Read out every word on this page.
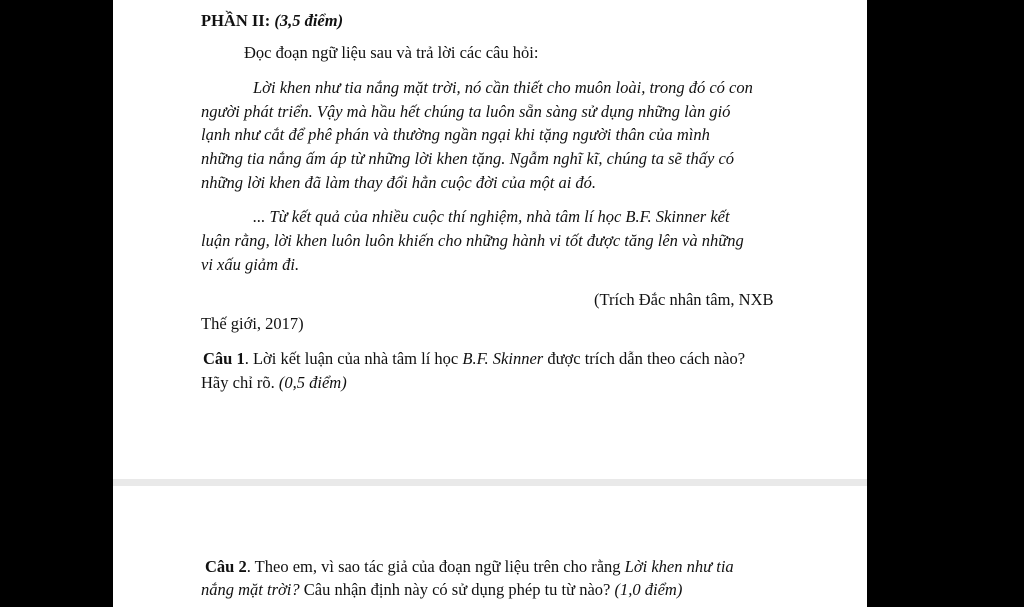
PHẦN II: (3,5 điểm)
Đọc đoạn ngữ liệu sau và trả lời các câu hỏi:
Lời khen như tia nắng mặt trời, nó cần thiết cho muôn loài, trong đó có con
người phát triển. Vậy mà hầu hết chúng ta luôn sẵn sàng sử dụng những làn gió
lạnh như cắt để phê phán và thường ngần ngại khi tặng người thân của mình
những tia nắng ấm áp từ những lời khen tặng. Ngẫm nghĩ kĩ, chúng ta sẽ thấy có
những lời khen đã làm thay đổi hẳn cuộc đời của một ai đó.
... Từ kết quả của nhiều cuộc thí nghiệm, nhà tâm lí học B.F. Skinner kết
luận rằng, lời khen luôn luôn khiến cho những hành vi tốt được tăng lên và những
vi xấu giảm đi.
(Trích Đắc nhân tâm, NXB
Thế giới, 2017)
Câu 1. Lời kết luận của nhà tâm lí học B.F. Skinner được trích dẫn theo cách nào?
Hãy chỉ rõ. (0,5 điểm)
Câu 2. Theo em, vì sao tác giả của đoạn ngữ liệu trên cho rằng Lời khen như tia
nắng mặt trời? Câu nhận định này có sử dụng phép tu từ nào? (1,0 điểm)
